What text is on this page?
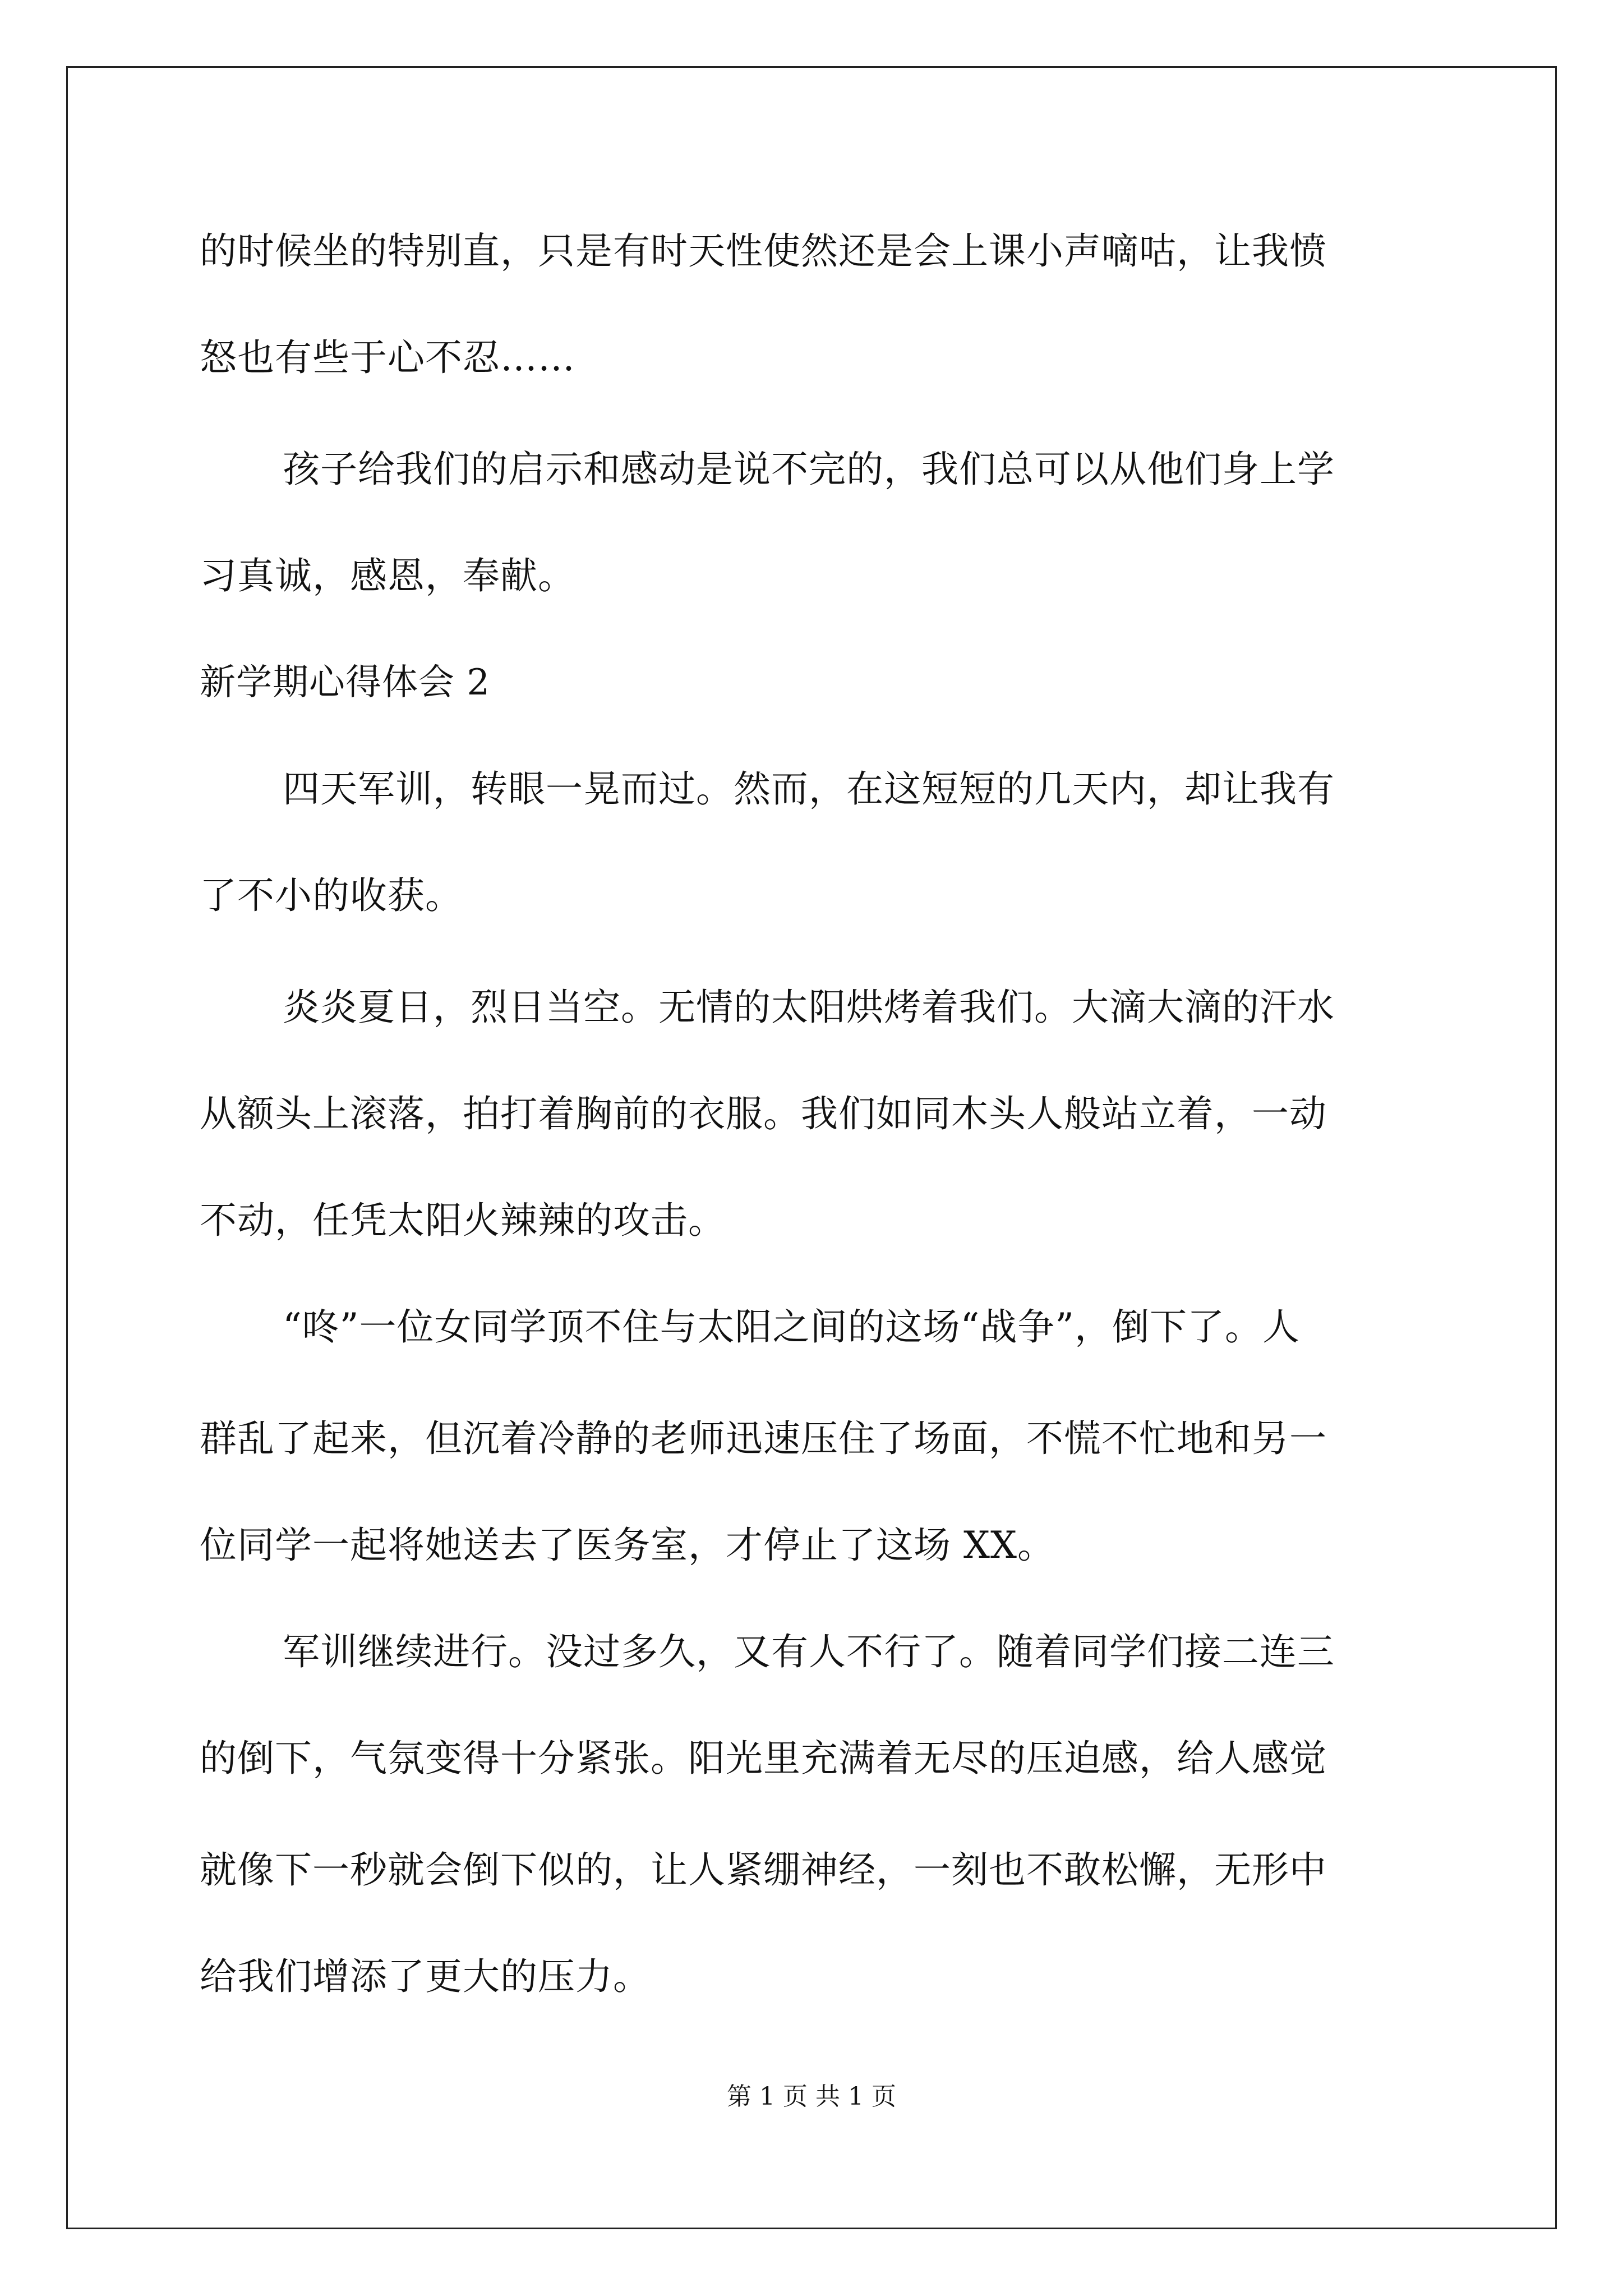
的时候坐的特别直，只是有时天性使然还是会上课小声嘀咕，让我愤
怒也有些于心不忍……
孩子给我们的启示和感动是说不完的，我们总可以从他们身上学
习真诚，感恩，奉献。
新学期心得体会 2
四天军训，转眼一晃而过。然而，在这短短的几天内，却让我有
了不小的收获。
炎炎夏日，烈日当空。无情的太阳烘烤着我们。大滴大滴的汗水
从额头上滚落，拍打着胸前的衣服。我们如同木头人般站立着，一动
不动，任凭太阳火辣辣的攻击。
“咚”一位女同学顶不住与太阳之间的这场“战争”，倒下了。人
群乱了起来，但沉着冷静的老师迅速压住了场面，不慌不忙地和另一
位同学一起将她送去了医务室，才停止了这场 XX。
军训继续进行。没过多久，又有人不行了。随着同学们接二连三
的倒下，气氛变得十分紧张。阳光里充满着无尽的压迫感，给人感觉
就像下一秒就会倒下似的，让人紧绷神经，一刻也不敢松懈，无形中
给我们增添了更大的压力。
第 1 页 共 1 页
